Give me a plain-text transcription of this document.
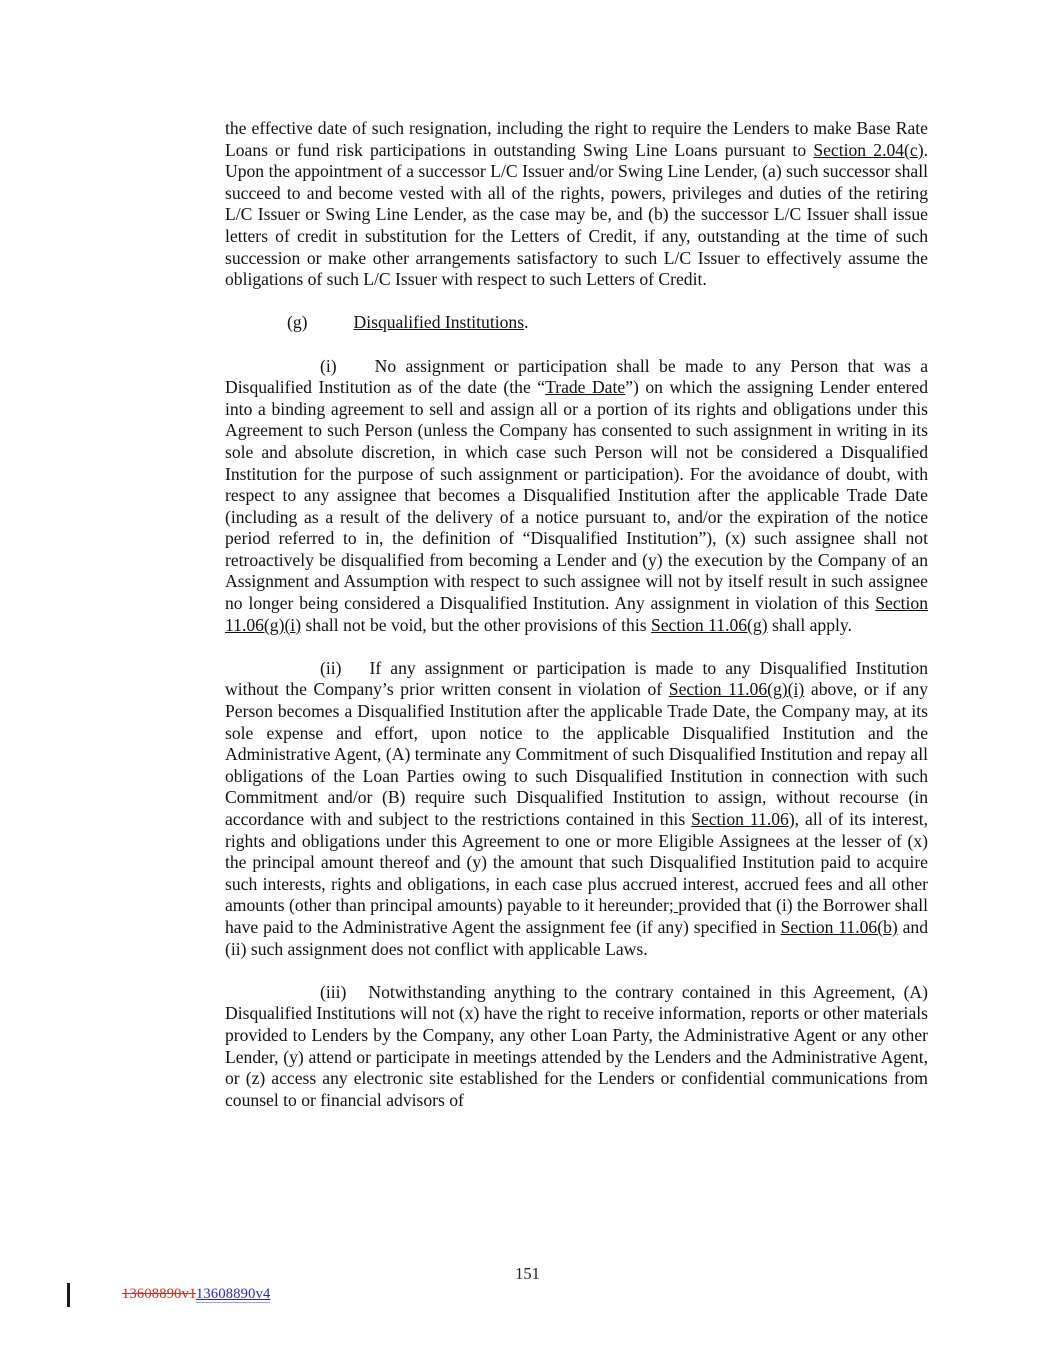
the effective date of such resignation, including the right to require the Lenders to make Base Rate Loans or fund risk participations in outstanding Swing Line Loans pursuant to Section 2.04(c). Upon the appointment of a successor L/C Issuer and/or Swing Line Lender, (a) such successor shall succeed to and become vested with all of the rights, powers, privileges and duties of the retiring L/C Issuer or Swing Line Lender, as the case may be, and (b) the successor L/C Issuer shall issue letters of credit in substitution for the Letters of Credit, if any, outstanding at the time of such succession or make other arrangements satisfactory to such L/C Issuer to effectively assume the obligations of such L/C Issuer with respect to such Letters of Credit.

(g)	Disqualified Institutions.

(i) No assignment or participation shall be made to any Person that was a Disqualified Institution as of the date (the “Trade Date”) on which the assigning Lender entered into a binding agreement to sell and assign all or a portion of its rights and obligations under this Agreement to such Person (unless the Company has consented to such assignment in writing in its sole and absolute discretion, in which case such Person will not be considered a Disqualified Institution for the purpose of such assignment or participation). For the avoidance of doubt, with respect to any assignee that becomes a Disqualified Institution after the applicable Trade Date (including as a result of the delivery of a notice pursuant to, and/or the expiration of the notice period referred to in, the definition of “Disqualified Institution”), (x) such assignee shall not retroactively be disqualified from becoming a Lender and (y) the execution by the Company of an Assignment and Assumption with respect to such assignee will not by itself result in such assignee no longer being considered a Disqualified Institution. Any assignment in violation of this Section 11.06(g)(i) shall not be void, but the other provisions of this Section 11.06(g) shall apply.

(ii) If any assignment or participation is made to any Disqualified Institution without the Company’s prior written consent in violation of Section 11.06(g)(i) above, or if any Person becomes a Disqualified Institution after the applicable Trade Date, the Company may, at its sole expense and effort, upon notice to the applicable Disqualified Institution and the Administrative Agent, (A) terminate any Commitment of such Disqualified Institution and repay all obligations of the Loan Parties owing to such Disqualified Institution in connection with such Commitment and/or (B) require such Disqualified Institution to assign, without recourse (in accordance with and subject to the restrictions contained in this Section 11.06), all of its interest, rights and obligations under this Agreement to one or more Eligible Assignees at the lesser of (x) the principal amount thereof and (y) the amount that such Disqualified Institution paid to acquire such interests, rights and obligations, in each case plus accrued interest, accrued fees and all other amounts (other than principal amounts) payable to it hereunder; provided that (i) the Borrower shall have paid to the Administrative Agent the assignment fee (if any) specified in Section 11.06(b) and (ii) such assignment does not conflict with applicable Laws.

(iii) Notwithstanding anything to the contrary contained in this Agreement, (A) Disqualified Institutions will not (x) have the right to receive information, reports or other materials provided to Lenders by the Company, any other Loan Party, the Administrative Agent or any other Lender, (y) attend or participate in meetings attended by the Lenders and the Administrative Agent, or (z) access any electronic site established for the Lenders or confidential communications from counsel to or financial advisors of

151
13608890v113608890v4
